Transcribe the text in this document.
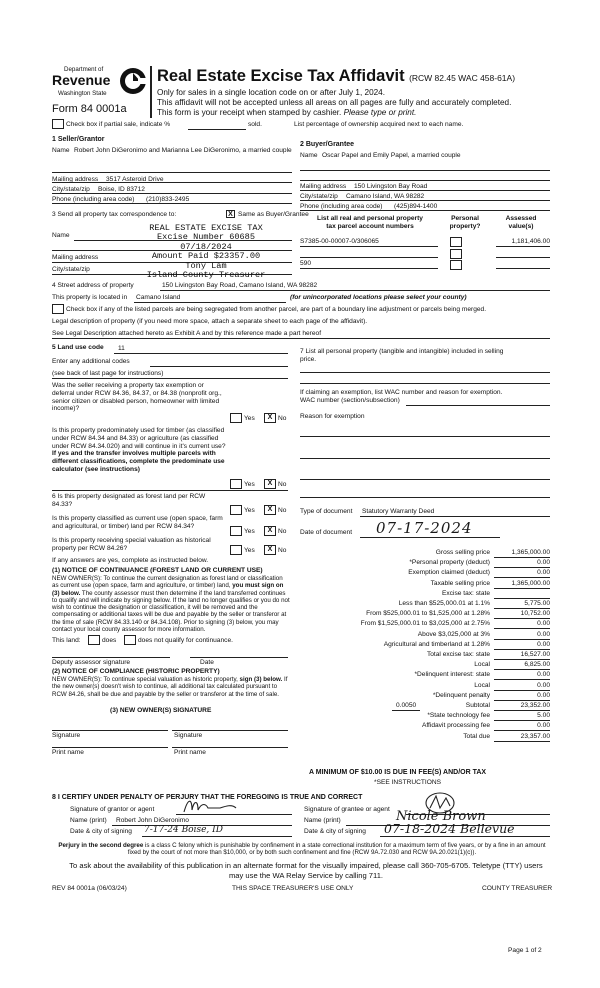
Department of
Revenue
Washington State
Form 84 0001a
Real Estate Excise Tax Affidavit (RCW 82.45 WAC 458-61A)
Only for sales in a single location code on or after July 1, 2024.
This affidavit will not be accepted unless all areas on all pages are fully and accurately completed.
This form is your receipt when stamped by cashier. Please type or print.
Check box if partial sale, indicate %	sold.	List percentage of ownership acquired next to each name.
1 Seller/Grantor
Name Robert John DiGeronimo and Marianna Lee DiGeronimo, a married couple
Mailing address 3517 Asteroid Drive
City/state/zip Boise, ID 83712
Phone (including area code) (210)833-2495
2 Buyer/Grantee
Name Oscar Papel and Emily Papel, a married couple
Mailing address 150 Livingston Bay Road
City/state/zip Camano Island, WA 98282
Phone (including area code) (425)894-1400
3 Send all property tax correspondence to:	X Same as Buyer/Grantee
Name
Mailing address
City/state/zip
REAL ESTATE EXCISE TAX
Excise Number 60685
07/18/2024
Amount Paid $23357.00
Tony Lam
Island County Treasurer
List all real and personal property
tax parcel account numbers
Personal
property?
Assessed
value(s)
S7385-00-00007-0/306065	1,181,406.00
590
4 Street address of property	150 Livingston Bay Road, Camano Island, WA 98282
This property is located in Camano Island	(for unincorporated locations please select your county)
Check box if any of the listed parcels are being segregated from another parcel, are part of a boundary line adjustment or parcels being merged.
Legal description of property (if you need more space, attach a separate sheet to each page of the affidavit).
See Legal Description attached hereto as Exhibit A and by this reference made a part hereof
5 Land use code 11
Enter any additional codes
(see back of last page for instructions)
Was the seller receiving a property tax exemption or deferral under RCW 84.36, 84.37, or 84.38 (nonprofit org., senior citizen or disabled person, homeowner with limited income)?
Yes	X No
Is this property predominately used for timber (as classified under RCW 84.34 and 84.33) or agriculture (as classified under RCW 84.34.020) and will continue in it's current use? If yes and the transfer involves multiple parcels with different classifications, complete the predominate use calculator (see instructions)
Yes	X No
6 Is this property designated as forest land per RCW 84.33?
Yes	X No
Is this property classified as current use (open space, farm and agricultural, or timber) land per RCW 84.34?
Yes	X No
Is this property receiving special valuation as historical property per RCW 84.26?	Yes	X No
If any answers are yes, complete as instructed below.
(1) NOTICE OF CONTINUANCE (FOREST LAND OR CURRENT USE)
NEW OWNER(S): To continue the current designation as forest land or classification as current use (open space, farm and agriculture, or timber) land, you must sign on (3) below. The county assessor must then determine if the land transferred continues to qualify and will indicate by signing below. If the land no longer qualifies or you do not wish to continue the designation or classification, it will be removed and the compensating or additional taxes will be due and payable by the seller or transferor at the time of sale (RCW 84.33.140 or 84.34.108). Prior to signing (3) below, you may contact your local county assessor for more information.
This land:	does	does not qualify for continuance.
Deputy assessor signature	Date
(2) NOTICE OF COMPLIANCE (HISTORIC PROPERTY)
NEW OWNER(S): To continue special valuation as historic property, sign (3) below. If the new owner(s) doesn't wish to continue, all additional tax calculated pursuant to RCW 84.26, shall be due and payable by the seller or transferor at the time of sale.
(3) NEW OWNER(S) SIGNATURE
Signature	Signature
Print name	Print name
7 List all personal property (tangible and intangible) included in selling price.
If claiming an exemption, list WAC number and reason for exemption.
WAC number (section/subsection)
Reason for exemption
Type of document Statutory Warranty Deed
Date of document 07-17-2024
Gross selling price	1,365,000.00
*Personal property (deduct)	0.00
Exemption claimed (deduct)	0.00
Taxable selling price	1,365,000.00
Excise tax: state
Less than $525,000.01 at 1.1%	5,775.00
From $525,000.01 to $1,525,000 at 1.28%	10,752.00
From $1,525,000.01 to $3,025,000 at 2.75%	0.00
Above $3,025,000 at 3%	0.00
Agricultural and timberland at 1.28%	0.00
Total excise tax: state	16,527.00
Local	6,825.00
*Delinquent interest: state	0.00
Local	0.00
*Delinquent penalty	0.00
Subtotal	23,352.00
*State technology fee	5.00
Affidavit processing fee	0.00
Total due	23,357.00
0.0050
A MINIMUM OF $10.00 IS DUE IN FEE(S) AND/OR TAX
*SEE INSTRUCTIONS
8 I CERTIFY UNDER PENALTY OF PERJURY THAT THE FOREGOING IS TRUE AND CORRECT
Signature of grantor or agent
Name (print) Robert John DiGeronimo
Date & city of signing 7-17-24 Boise, ID
Signature of grantee or agent
Name (print)	Nicole Brown
Date & city of signing 07-18-2024 Bellevue
Perjury in the second degree is a class C felony which is punishable by confinement in a state correctional institution for a maximum term of five years, or by a fine in an amount fixed by the court of not more than $10,000, or by both such confinement and fine (RCW 9A.72.030 and RCW 9A.20.021(1)(c)).
To ask about the availability of this publication in an alternate format for the visually impaired, please call 360-705-6705. Teletype (TTY) users may use the WA Relay Service by calling 711.
REV 84 0001a (06/03/24)	THIS SPACE TREASURER'S USE ONLY	COUNTY TREASURER
Page 1 of 2
